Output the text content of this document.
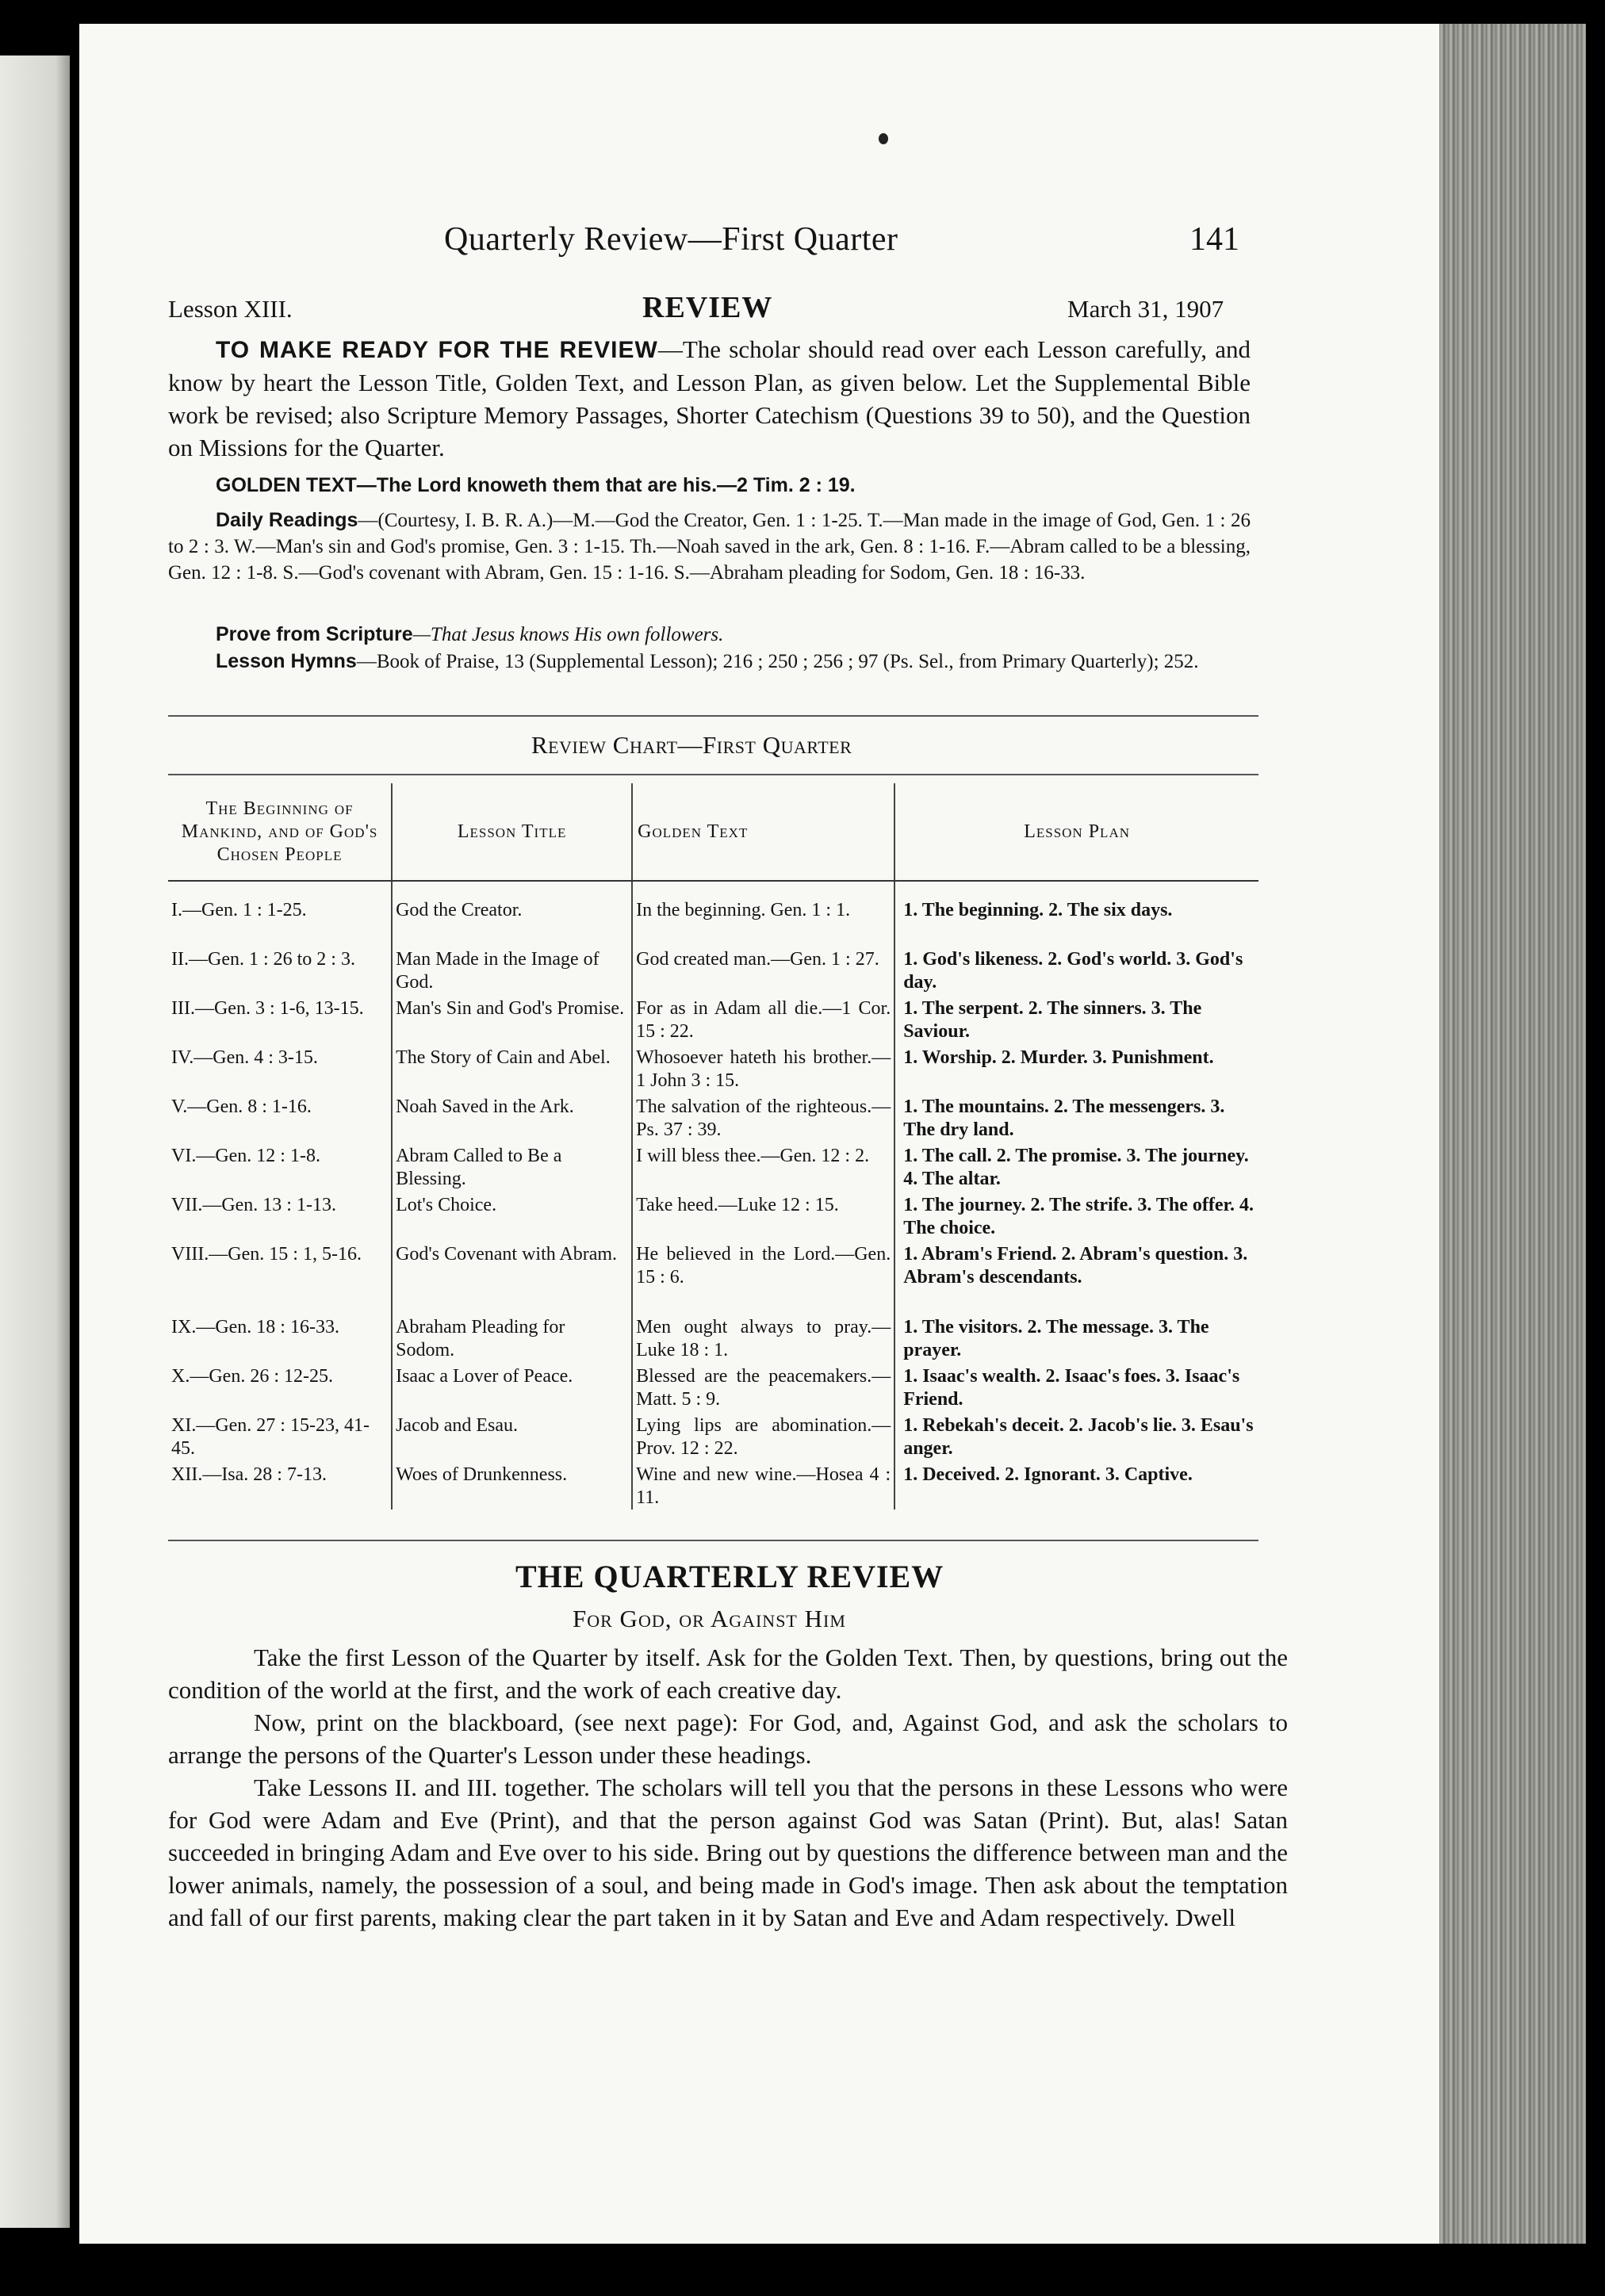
Quarterly Review—First Quarter	141
Lesson XIII.	REVIEW	March 31, 1907
TO MAKE READY FOR THE REVIEW—The scholar should read over each Lesson carefully, and know by heart the Lesson Title, Golden Text, and Lesson Plan, as given below. Let the Supplemental Bible work be revised; also Scripture Memory Passages, Shorter Catechism (Questions 39 to 50), and the Question on Missions for the Quarter.
GOLDEN TEXT—The Lord knoweth them that are his.—2 Tim. 2 : 19.
Daily Readings—(Courtesy, I. B. R. A.)—M.—God the Creator, Gen. 1 : 1-25. T.—Man made in the image of God, Gen. 1 : 26 to 2 : 3. W.—Man's sin and God's promise, Gen. 3 : 1-15. Th.—Noah saved in the ark, Gen. 8 : 1-16. F.—Abram called to be a blessing, Gen. 12 : 1-8. S.—God's covenant with Abram, Gen. 15 : 1-16. S.—Abraham pleading for Sodom, Gen. 18 : 16-33.
Prove from Scripture—That Jesus knows His own followers.
Lesson Hymns—Book of Praise, 13 (Supplemental Lesson); 216 ; 250 ; 256 ; 97 (Ps. Sel., from Primary Quarterly); 252.
Review Chart—First Quarter
The Beginning of Mankind, and of God's Chosen People	Lesson Title	Golden Text	Lesson Plan
I.—Gen. 1 : 1-25.	God the Creator.	In the beginning. Gen. 1 : 1.	1. The beginning. 2. The six days.
II.—Gen. 1 : 26 to 2 : 3.	Man Made in the Image of God.	God created man.—Gen. 1 : 27.	1. God's likeness. 2. God's world. 3. God's day.
III.—Gen. 3 : 1-6, 13-15.	Man's Sin and God's Promise.	For as in Adam all die.—1 Cor. 15 : 22.	1. The serpent. 2. The sinners. 3. The Saviour.
IV.—Gen. 4 : 3-15.	The Story of Cain and Abel.	Whosoever hateth his brother.—1 John 3 : 15.	1. Worship. 2. Murder. 3. Punishment.
V.—Gen. 8 : 1-16.	Noah Saved in the Ark.	The salvation of the righteous.—Ps. 37 : 39.	1. The mountains. 2. The messengers. 3. The dry land.
VI.—Gen. 12 : 1-8.	Abram Called to Be a Blessing.	I will bless thee.—Gen. 12 : 2.	1. The call. 2. The promise. 3. The journey. 4. The altar.
VII.—Gen. 13 : 1-13.	Lot's Choice.	Take heed.—Luke 12 : 15.	1. The journey. 2. The strife. 3. The offer. 4. The choice.
VIII.—Gen. 15 : 1, 5-16.	God's Covenant with Abram.	He believed in the Lord.—Gen. 15 : 6.	1. Abram's Friend. 2. Abram's question. 3. Abram's descendants.
IX.—Gen. 18 : 16-33.	Abraham Pleading for Sodom.	Men ought always to pray.—Luke 18 : 1.	1. The visitors. 2. The message. 3. The prayer.
X.—Gen. 26 : 12-25.	Isaac a Lover of Peace.	Blessed are the peacemakers.—Matt. 5 : 9.	1. Isaac's wealth. 2. Isaac's foes. 3. Isaac's Friend.
XI.—Gen. 27 : 15-23, 41-45.	Jacob and Esau.	Lying lips are abomination.—Prov. 12 : 22.	1. Rebekah's deceit. 2. Jacob's lie. 3. Esau's anger.
XII.—Isa. 28 : 7-13.	Woes of Drunkenness.	Wine and new wine.—Hosea 4 : 11.	1. Deceived. 2. Ignorant. 3. Captive.
THE QUARTERLY REVIEW
For God, or Against Him

Take the first Lesson of the Quarter by itself. Ask for the Golden Text. Then, by questions, bring out the condition of the world at the first, and the work of each creative day.

Now, print on the blackboard, (see next page): For God, and, Against God, and ask the scholars to arrange the persons of the Quarter's Lesson under these headings.

Take Lessons II. and III. together. The scholars will tell you that the persons in these Lessons who were for God were Adam and Eve (Print), and that the person against God was Satan (Print). But, alas! Satan succeeded in bringing Adam and Eve over to his side. Bring out by questions the difference between man and the lower animals, namely, the possession of a soul, and being made in God's image. Then ask about the temptation and fall of our first parents, making clear the part taken in it by Satan and Eve and Adam respectively. Dwell
